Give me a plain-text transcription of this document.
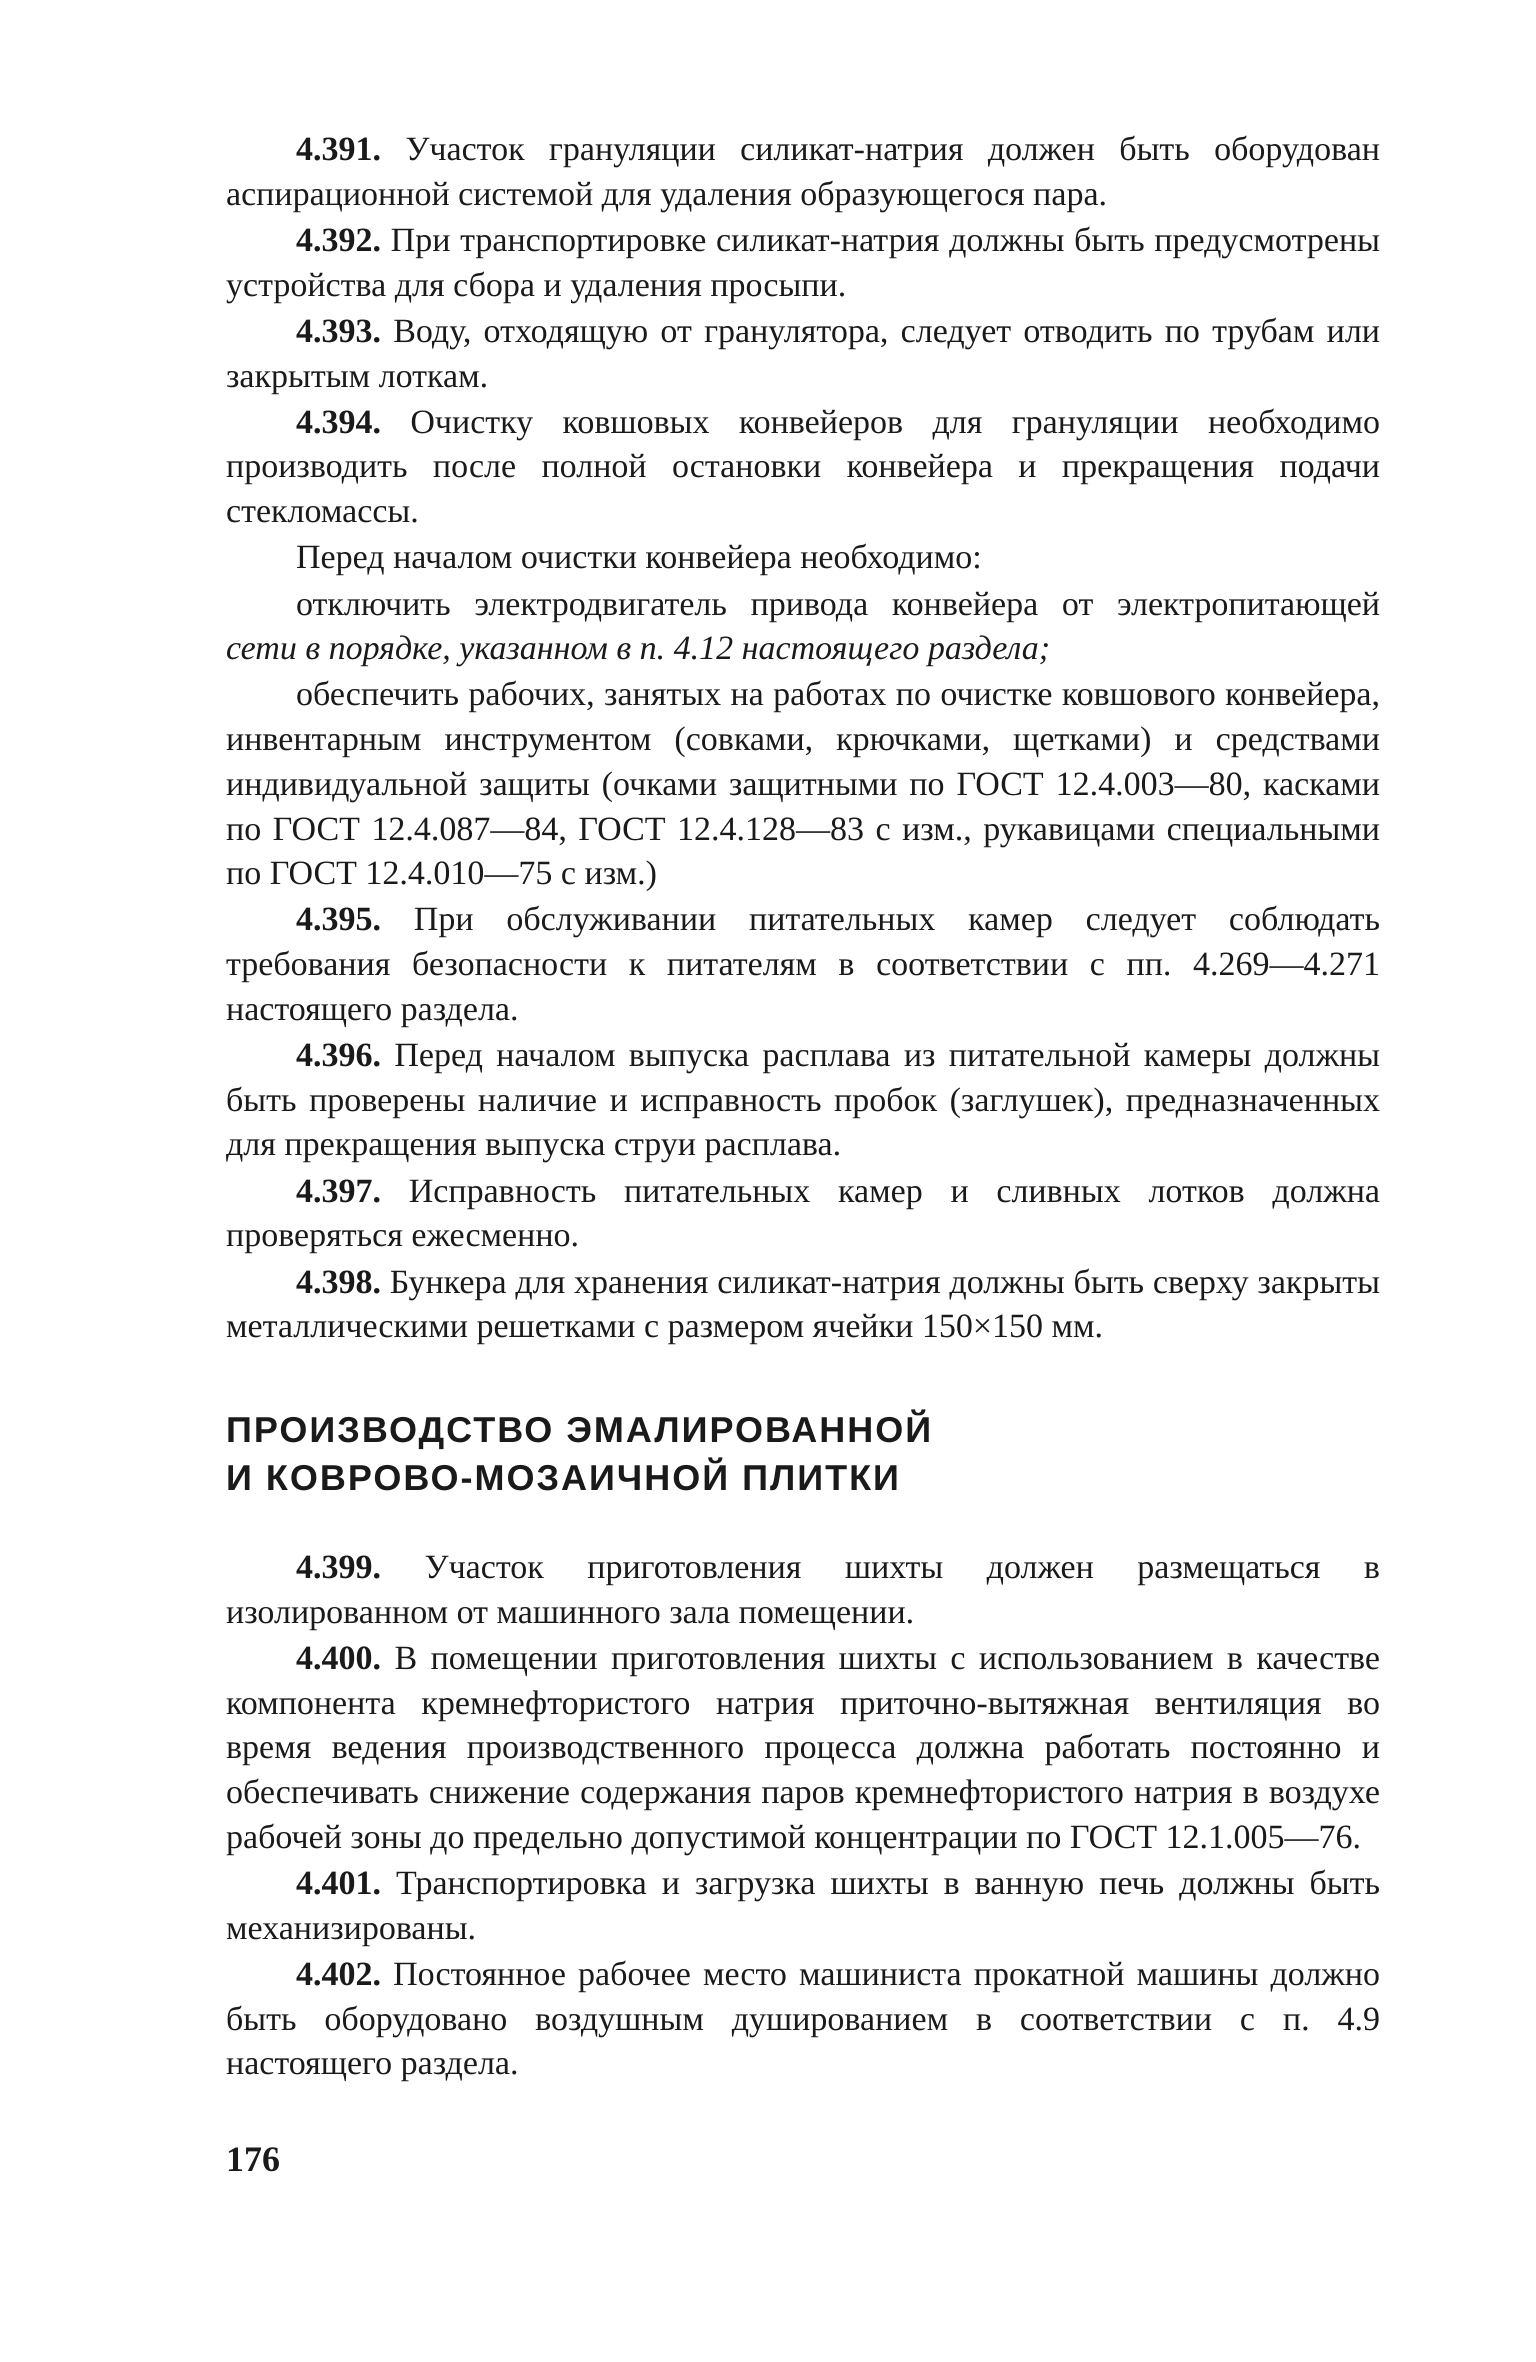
4.391. Участок грануляции силикат-натрия должен быть оборудован аспирационной системой для удаления образующегося пара.

4.392. При транспортировке силикат-натрия должны быть предусмотрены устройства для сбора и удаления просыпи.

4.393. Воду, отходящую от гранулятора, следует отводить по трубам или закрытым лоткам.

4.394. Очистку ковшовых конвейеров для грануляции необходимо производить после полной остановки конвейера и прекращения подачи стекломассы.

Перед началом очистки конвейера необходимо:

отключить электродвигатель привода конвейера от электропитающей сети в порядке, указанном в п. 4.12 настоящего раздела;

обеспечить рабочих, занятых на работах по очистке ковшового конвейера, инвентарным инструментом (совками, крючками, щетками) и средствами индивидуальной защиты (очками защитными по ГОСТ 12.4.003—80, касками по ГОСТ 12.4.087—84, ГОСТ 12.4.128—83 с изм., рукавицами специальными по ГОСТ 12.4.010—75 с изм.)

4.395. При обслуживании питательных камер следует соблюдать требования безопасности к питателям в соответствии с пп. 4.269—4.271 настоящего раздела.

4.396. Перед началом выпуска расплава из питательной камеры должны быть проверены наличие и исправность пробок (заглушек), предназначенных для прекращения выпуска струи расплава.

4.397. Исправность питательных камер и сливных лотков должна проверяться ежесменно.

4.398. Бункера для хранения силикат-натрия должны быть сверху закрыты металлическими решетками с размером ячейки 150×150 мм.

ПРОИЗВОДСТВО ЭМАЛИРОВАННОЙ
И КОВРОВО-МОЗАИЧНОЙ ПЛИТКИ

4.399. Участок приготовления шихты должен размещаться в изолированном от машинного зала помещении.

4.400. В помещении приготовления шихты с использованием в качестве компонента кремнефтористого натрия приточно-вытяжная вентиляция во время ведения производственного процесса должна работать постоянно и обеспечивать снижение содержания паров кремнефтористого натрия в воздухе рабочей зоны до предельно допустимой концентрации по ГОСТ 12.1.005—76.

4.401. Транспортировка и загрузка шихты в ванную печь должны быть механизированы.

4.402. Постоянное рабочее место машиниста прокатной машины должно быть оборудовано воздушным душированием в соответствии с п. 4.9 настоящего раздела.

176
